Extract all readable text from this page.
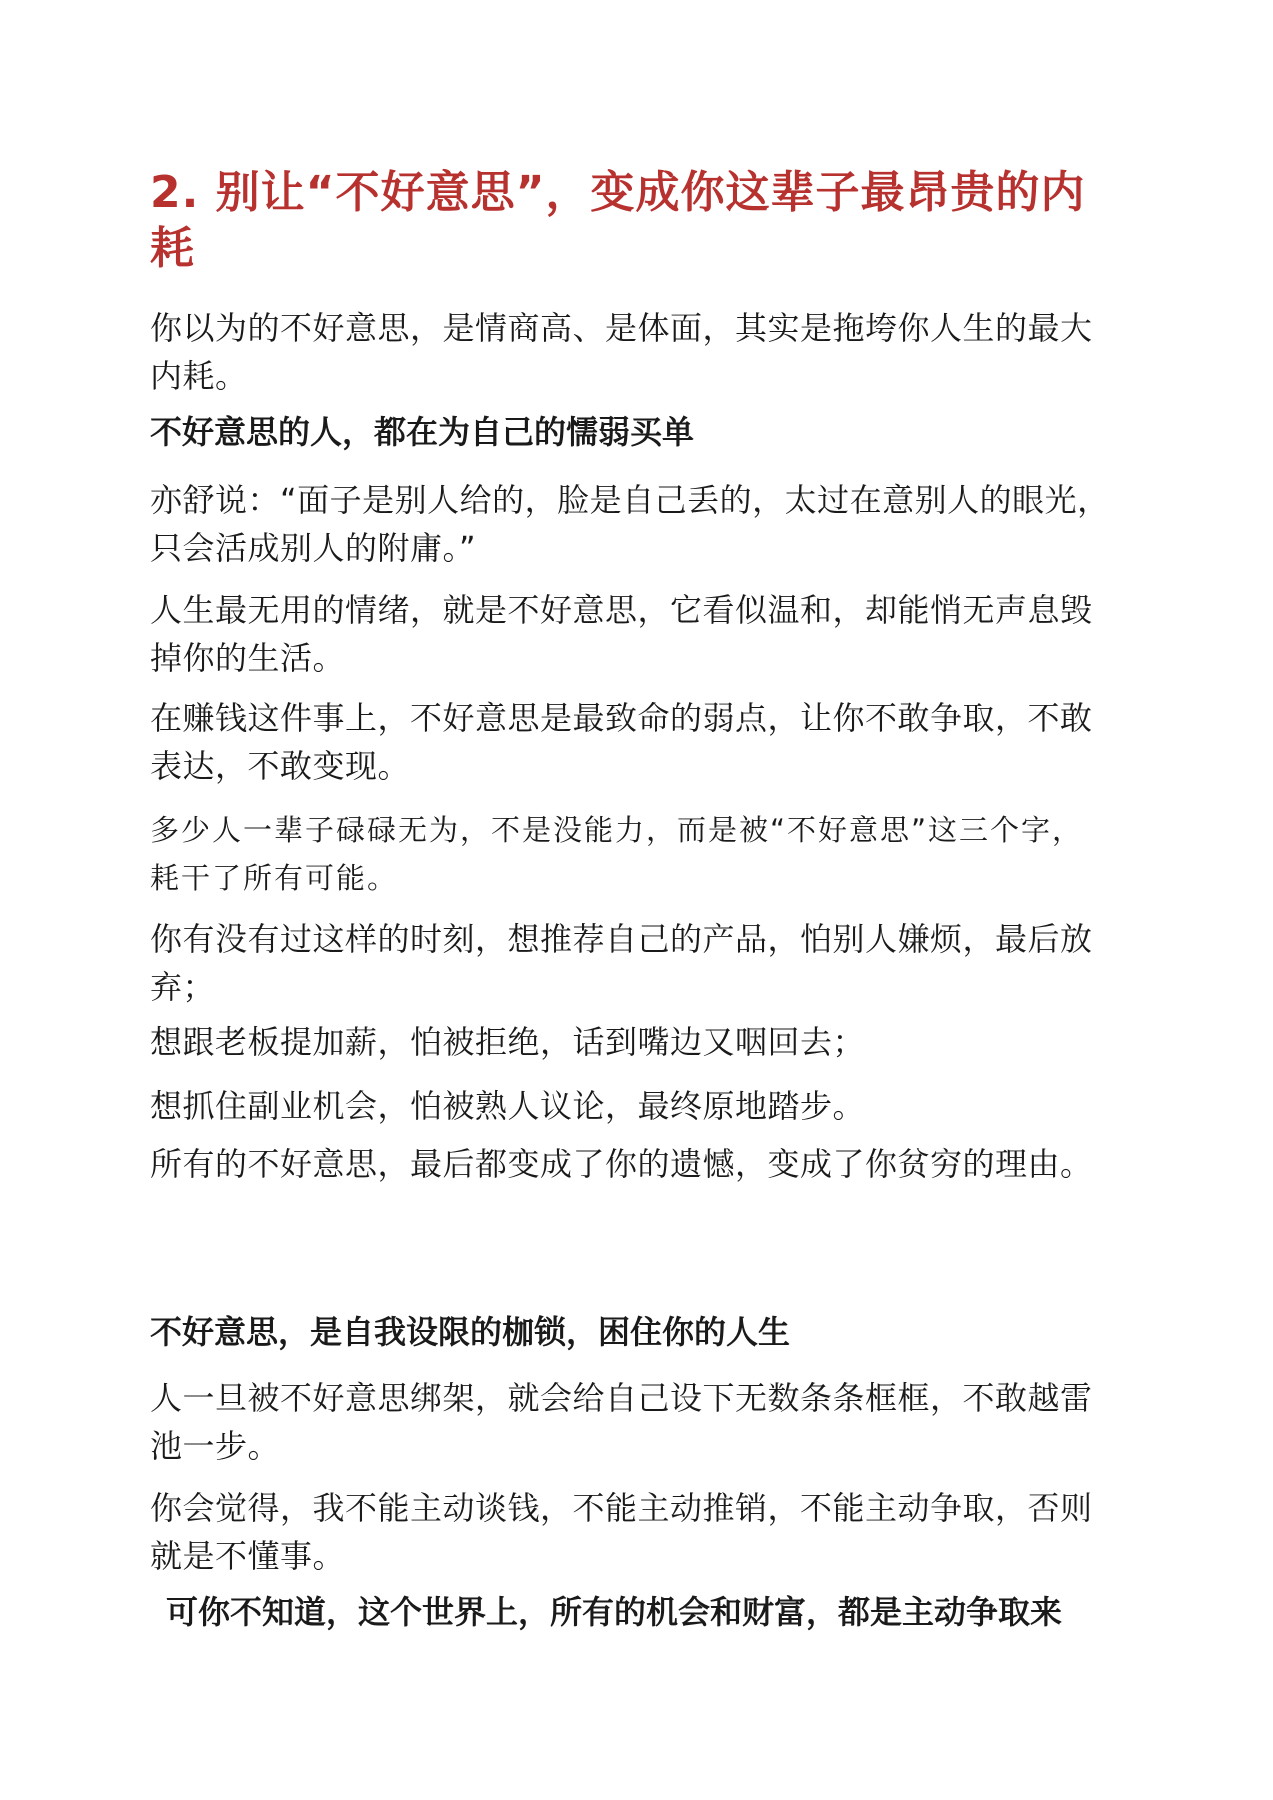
2. 别让“不好意思”，变成你这辈子最昂贵的内耗

你以为的不好意思，是情商高、是体面，其实是拖垮你人生的最大内耗。

不好意思的人，都在为自己的懦弱买单

亦舒说：“面子是别人给的，脸是自己丢的，太过在意别人的眼光，只会活成别人的附庸。”

人生最无用的情绪，就是不好意思，它看似温和，却能悄无声息毁掉你的生活。

在赚钱这件事上，不好意思是最致命的弱点，让你不敢争取，不敢表达，不敢变现。

多少人一辈子碌碌无为，不是没能力，而是被“不好意思”这三个字，耗干了所有可能。

你有没有过这样的时刻，想推荐自己的产品，怕别人嫌烦，最后放弃；

想跟老板提加薪，怕被拒绝，话到嘴边又咽回去；

想抓住副业机会，怕被熟人议论，最终原地踏步。

所有的不好意思，最后都变成了你的遗憾，变成了你贫穷的理由。

不好意思，是自我设限的枷锁，困住你的人生

人一旦被不好意思绑架，就会给自己设下无数条条框框，不敢越雷池一步。

你会觉得，我不能主动谈钱，不能主动推销，不能主动争取，否则就是不懂事。

可你不知道，这个世界上，所有的机会和财富，都是主动争取来
